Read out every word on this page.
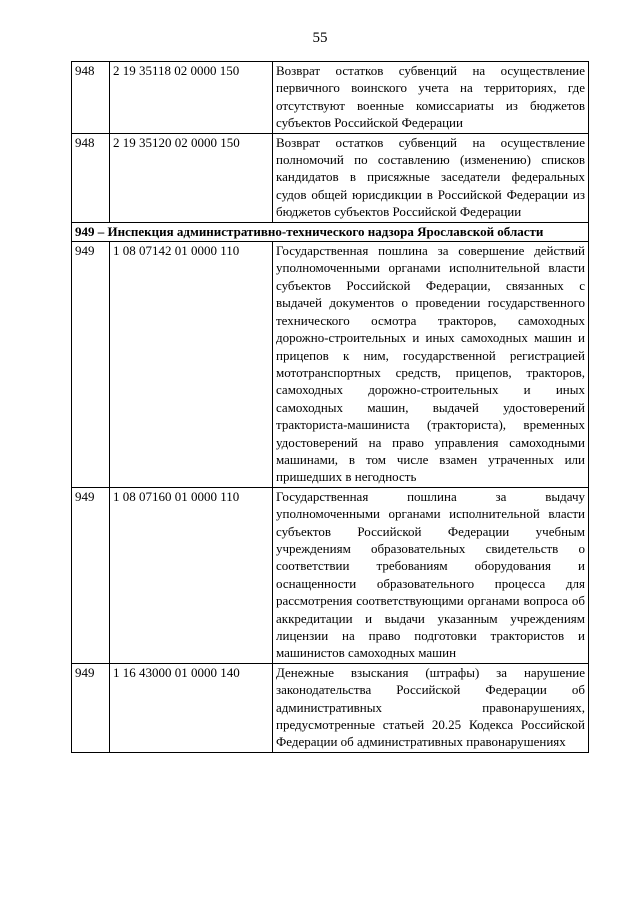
55
948	2 19 35118 02 0000 150	Возврат остатков субвенций на осуществление первичного воинского учета на территориях, где отсутствуют военные комиссариаты из бюджетов субъектов Российской Федерации
948	2 19 35120 02 0000 150	Возврат остатков субвенций на осуществление полномочий по составлению (изменению) списков кандидатов в присяжные заседатели федеральных судов общей юрисдикции в Российской Федерации из бюджетов субъектов Российской Федерации
949 – Инспекция административно-технического надзора Ярославской области		
949	1 08 07142 01 0000 110	Государственная пошлина за совершение действий уполномоченными органами исполнительной власти субъектов Российской Федерации, связанных с выдачей документов о проведении государственного технического осмотра тракторов, самоходных дорожно-строительных и иных самоходных машин и прицепов к ним, государственной регистрацией мототранспортных средств, прицепов, тракторов, самоходных дорожно-строительных и иных самоходных машин, выдачей удостоверений тракториста-машиниста (тракториста), временных удостоверений на право управления самоходными машинами, в том числе взамен утраченных или пришедших в негодность
949	1 08 07160 01 0000 110	Государственная пошлина за выдачу уполномоченными органами исполнительной власти субъектов Российской Федерации учебным учреждениям образовательных свидетельств о соответствии требованиям оборудования и оснащенности образовательного процесса для рассмотрения соответствующими органами вопроса об аккредитации и выдачи указанным учреждениям лицензии на право подготовки трактористов и машинистов самоходных машин
949	1 16 43000 01 0000 140	Денежные взыскания (штрафы) за нарушение законодательства Российской Федерации об административных правонарушениях, предусмотренные статьей 20.25 Кодекса Российской Федерации об административных правонарушениях
